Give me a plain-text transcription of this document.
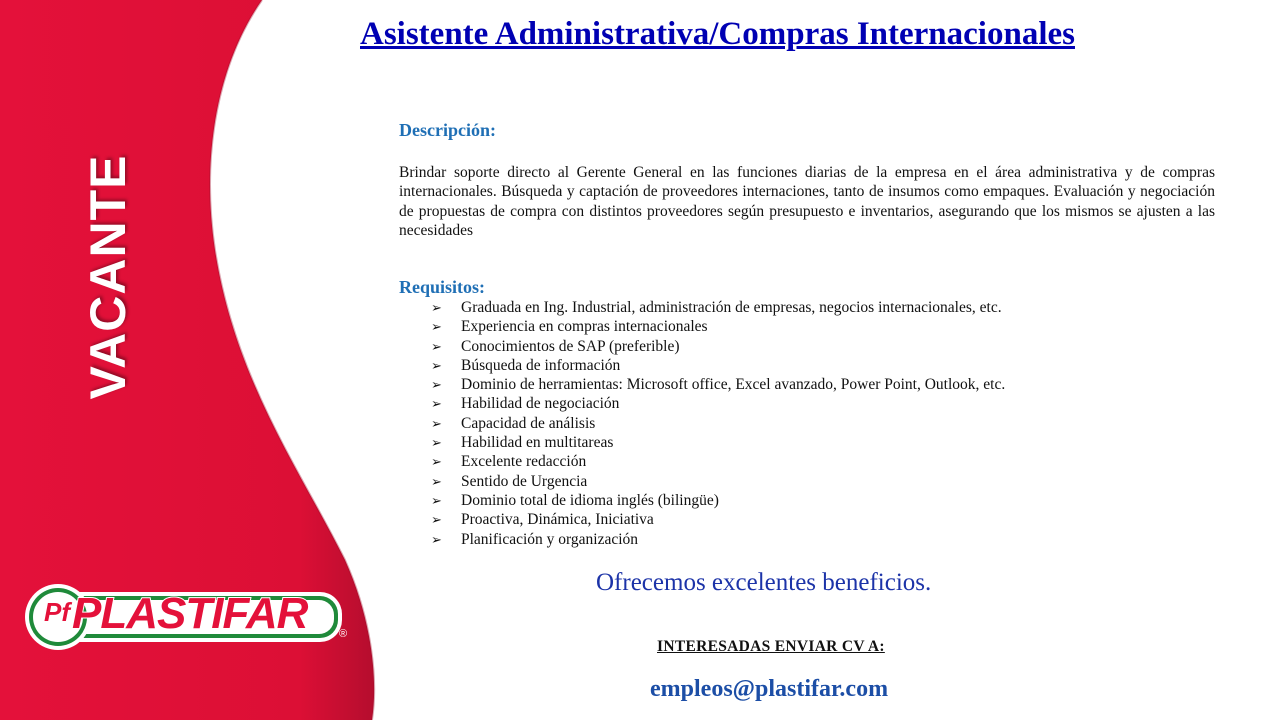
VACANTE
Pf PLASTIFAR	®
Asistente Administrativa/Compras Internacionales
Descripción:
Brindar soporte directo al Gerente General en las funciones diarias de la empresa en el área administrativa y de compras internacionales. Búsqueda y captación de proveedores internaciones, tanto de insumos como empaques. Evaluación y negociación de propuestas de compra con distintos proveedores según presupuesto e inventarios, asegurando que los mismos se ajusten a las necesidades
Requisitos:
➢ Graduada en Ing. Industrial, administración de empresas, negocios internacionales, etc.
➢ Experiencia en compras internacionales
➢ Conocimientos de SAP (preferible)
➢ Búsqueda de información
➢ Dominio de herramientas: Microsoft office, Excel avanzado, Power Point, Outlook, etc.
➢ Habilidad de negociación
➢ Capacidad de análisis
➢ Habilidad en multitareas
➢ Excelente redacción
➢ Sentido de Urgencia
➢ Dominio total de idioma inglés (bilingüe)
➢ Proactiva, Dinámica, Iniciativa
➢ Planificación y organización
Ofrecemos excelentes beneficios.
INTERESADAS ENVIAR CV A:
empleos@plastifar.com
